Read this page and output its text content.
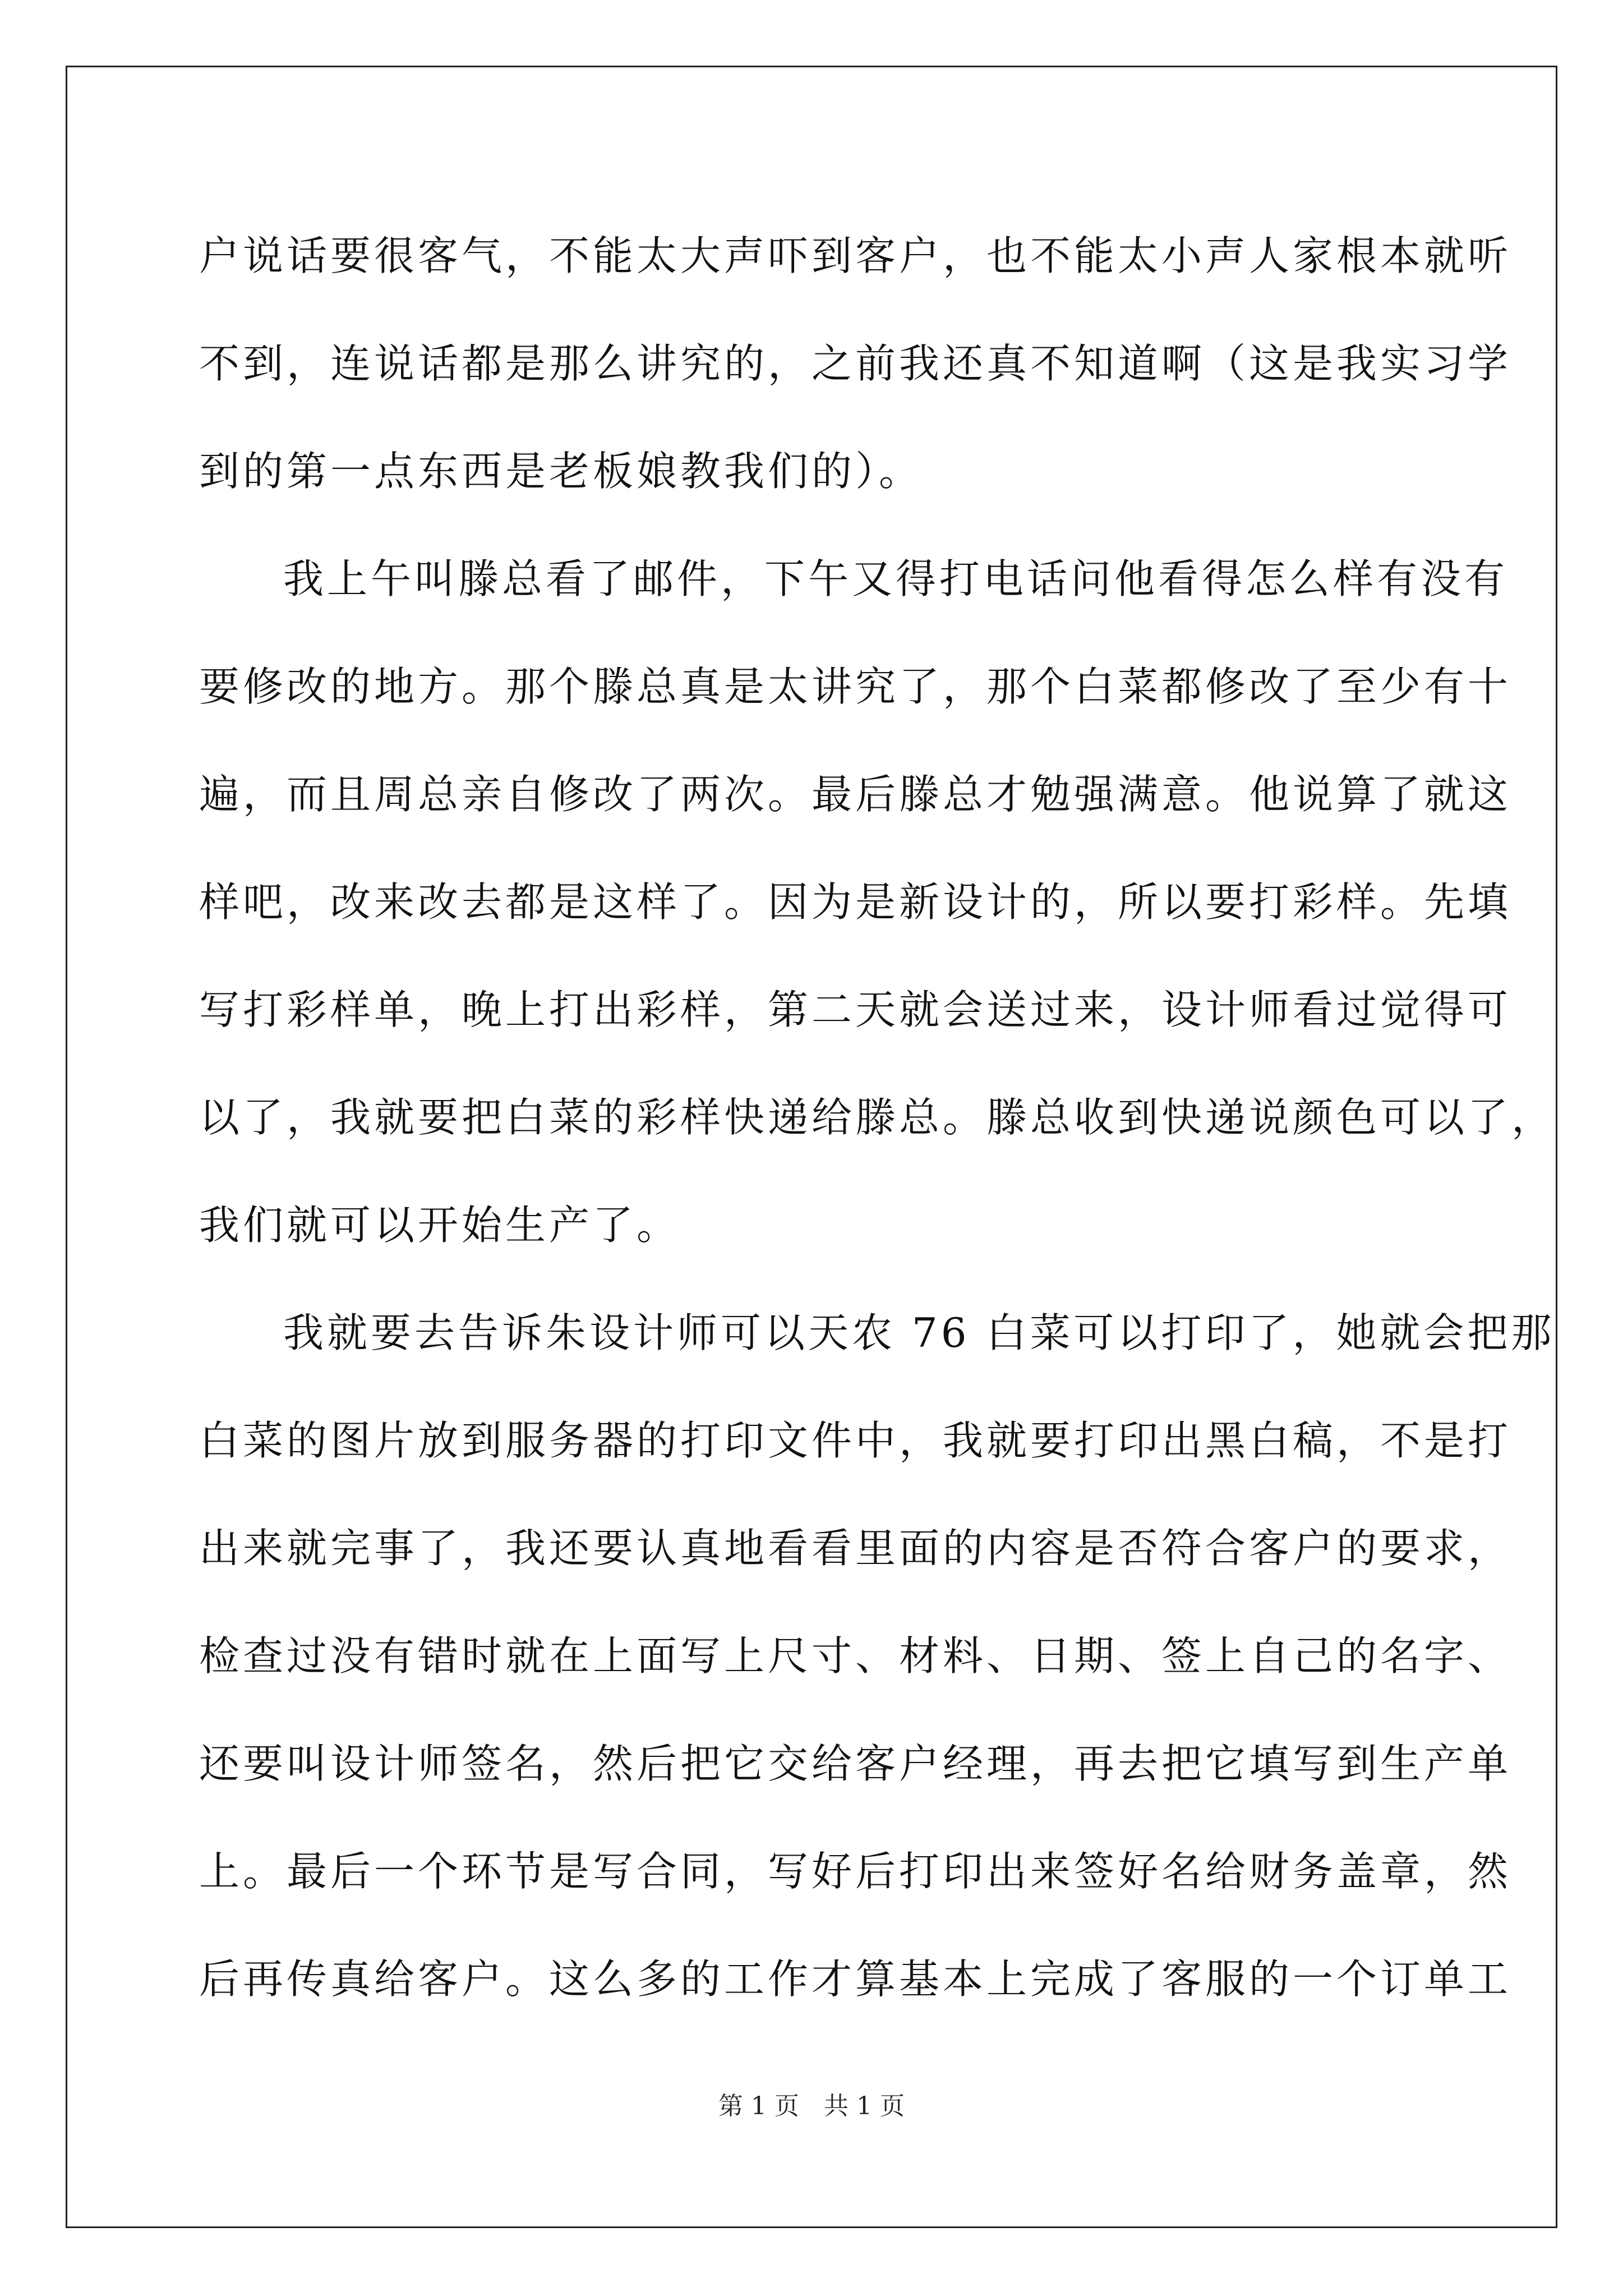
户说话要很客气，不能太大声吓到客户，也不能太小声人家根本就听
不到，连说话都是那么讲究的，之前我还真不知道啊（这是我实习学
到的第一点东西是老板娘教我们的）。
我上午叫滕总看了邮件，下午又得打电话问他看得怎么样有没有
要修改的地方。那个滕总真是太讲究了，那个白菜都修改了至少有十
遍，而且周总亲自修改了两次。最后滕总才勉强满意。他说算了就这
样吧，改来改去都是这样了。因为是新设计的，所以要打彩样。先填
写打彩样单，晚上打出彩样，第二天就会送过来，设计师看过觉得可
以了，我就要把白菜的彩样快递给滕总。滕总收到快递说颜色可以了，
我们就可以开始生产了。
我就要去告诉朱设计师可以天农 76 白菜可以打印了，她就会把那
白菜的图片放到服务器的打印文件中，我就要打印出黑白稿，不是打
出来就完事了，我还要认真地看看里面的内容是否符合客户的要求，
检查过没有错时就在上面写上尺寸、材料、日期、签上自己的名字、
还要叫设计师签名，然后把它交给客户经理，再去把它填写到生产单
上。最后一个环节是写合同，写好后打印出来签好名给财务盖章，然
后再传真给客户。这么多的工作才算基本上完成了客服的一个订单工
第 1 页　共 1 页
